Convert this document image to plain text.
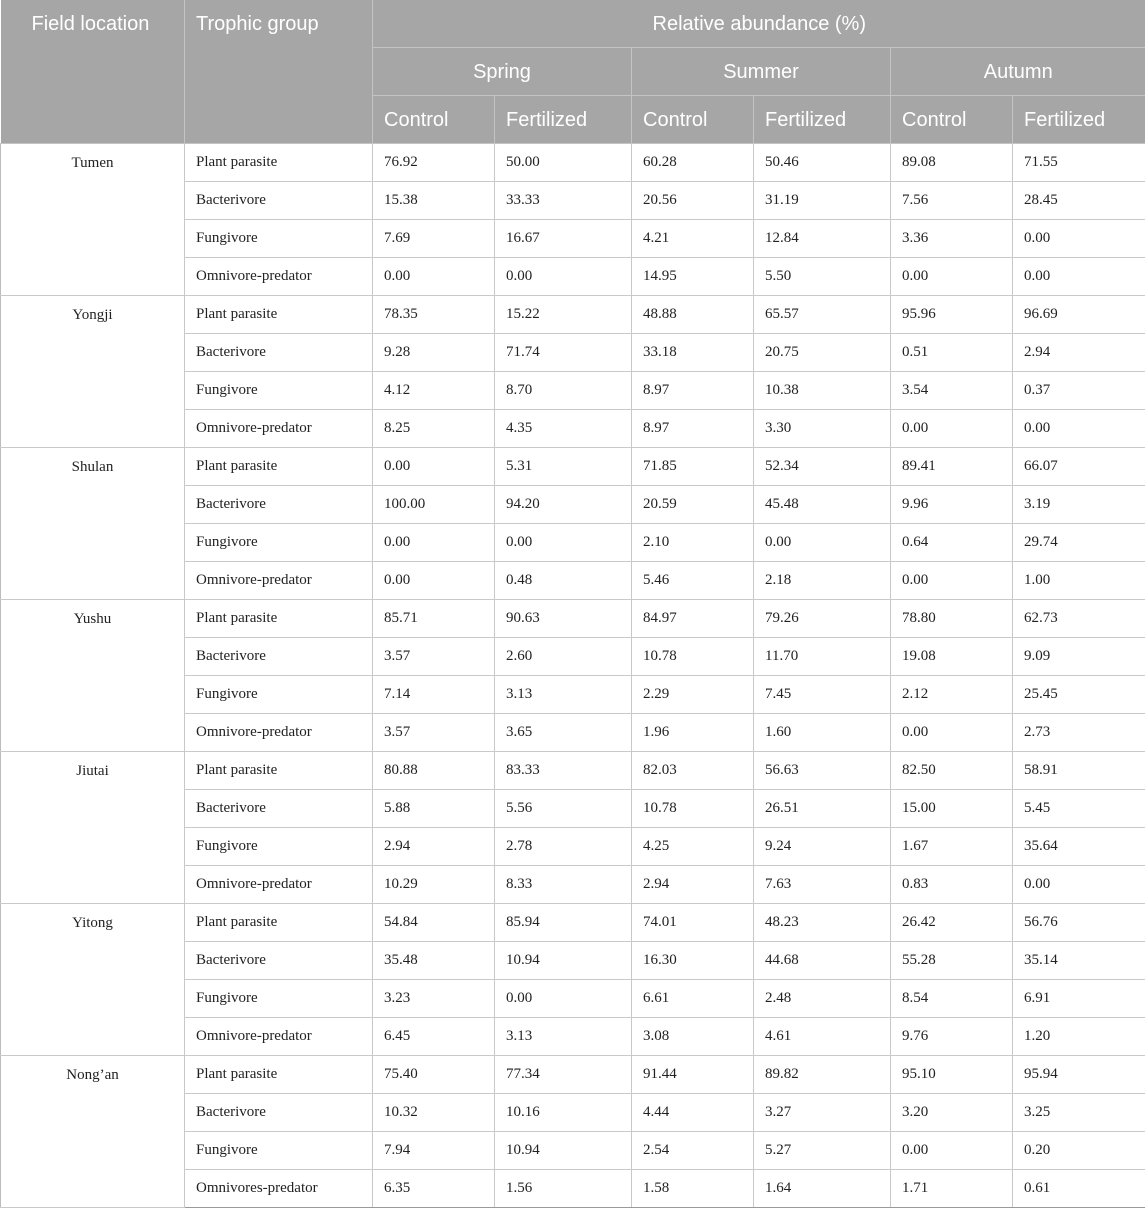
Field location	Trophic group	Relative abundance (%)					
		Spring		Summer		Autumn	
		Control	Fertilized	Control	Fertilized	Control	Fertilized
Tumen	Plant parasite	76.92	50.00	60.28	50.46	89.08	71.55
	Bacterivore	15.38	33.33	20.56	31.19	7.56	28.45
	Fungivore	7.69	16.67	4.21	12.84	3.36	0.00
	Omnivore-predator	0.00	0.00	14.95	5.50	0.00	0.00
Yongji	Plant parasite	78.35	15.22	48.88	65.57	95.96	96.69
	Bacterivore	9.28	71.74	33.18	20.75	0.51	2.94
	Fungivore	4.12	8.70	8.97	10.38	3.54	0.37
	Omnivore-predator	8.25	4.35	8.97	3.30	0.00	0.00
Shulan	Plant parasite	0.00	5.31	71.85	52.34	89.41	66.07
	Bacterivore	100.00	94.20	20.59	45.48	9.96	3.19
	Fungivore	0.00	0.00	2.10	0.00	0.64	29.74
	Omnivore-predator	0.00	0.48	5.46	2.18	0.00	1.00
Yushu	Plant parasite	85.71	90.63	84.97	79.26	78.80	62.73
	Bacterivore	3.57	2.60	10.78	11.70	19.08	9.09
	Fungivore	7.14	3.13	2.29	7.45	2.12	25.45
	Omnivore-predator	3.57	3.65	1.96	1.60	0.00	2.73
Jiutai	Plant parasite	80.88	83.33	82.03	56.63	82.50	58.91
	Bacterivore	5.88	5.56	10.78	26.51	15.00	5.45
	Fungivore	2.94	2.78	4.25	9.24	1.67	35.64
	Omnivore-predator	10.29	8.33	2.94	7.63	0.83	0.00
Yitong	Plant parasite	54.84	85.94	74.01	48.23	26.42	56.76
	Bacterivore	35.48	10.94	16.30	44.68	55.28	35.14
	Fungivore	3.23	0.00	6.61	2.48	8.54	6.91
	Omnivore-predator	6.45	3.13	3.08	4.61	9.76	1.20
Nong’an	Plant parasite	75.40	77.34	91.44	89.82	95.10	95.94
	Bacterivore	10.32	10.16	4.44	3.27	3.20	3.25
	Fungivore	7.94	10.94	2.54	5.27	0.00	0.20
	Omnivores-predator	6.35	1.56	1.58	1.64	1.71	0.61
